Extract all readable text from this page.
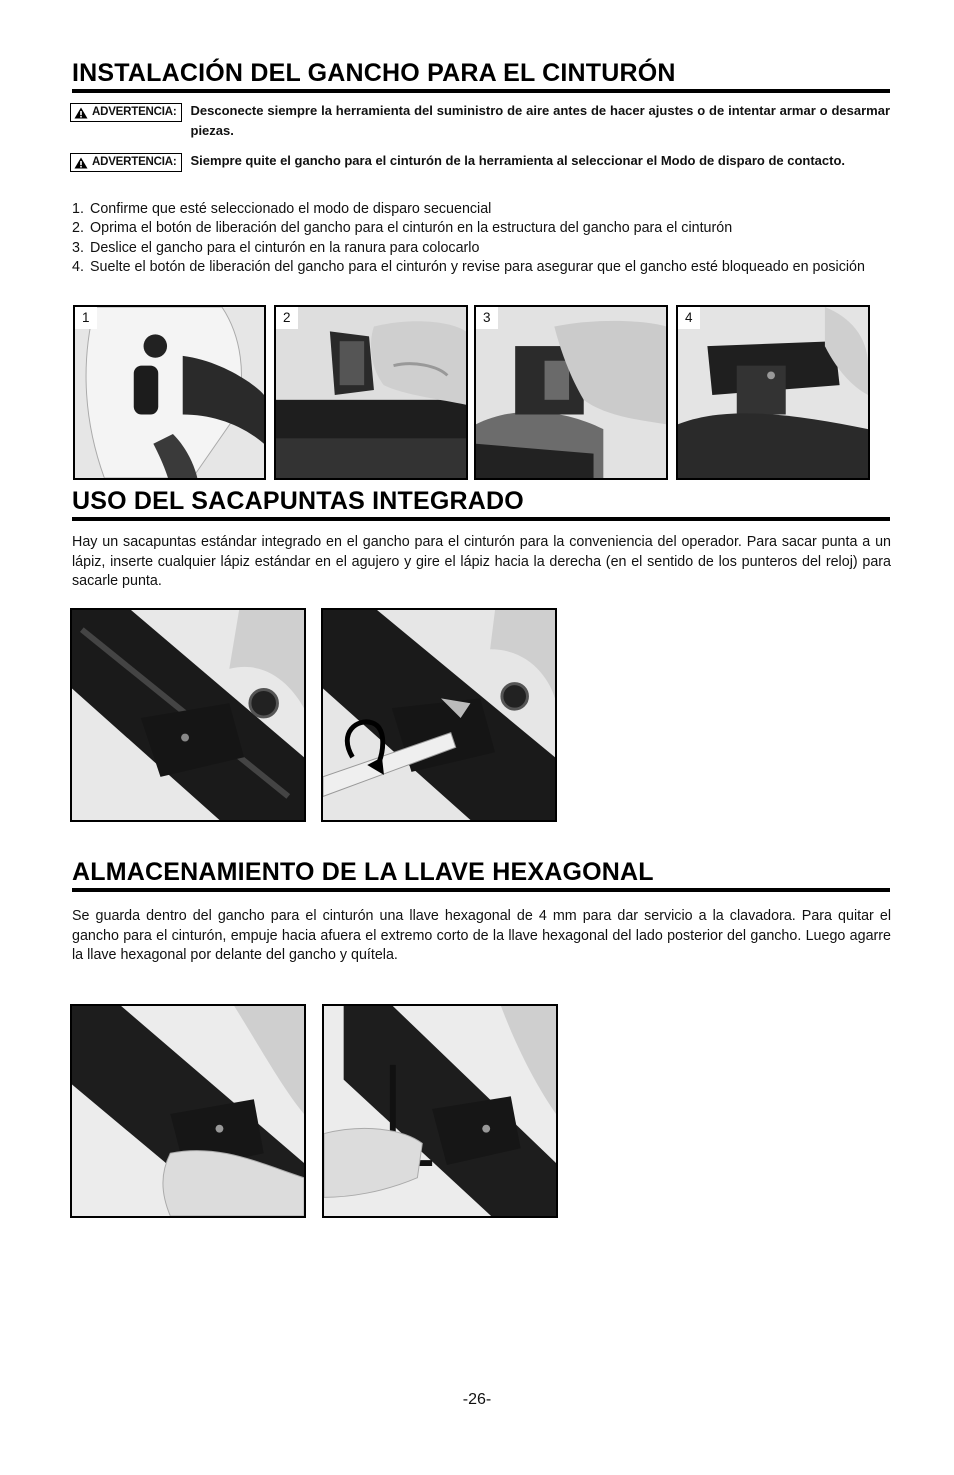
INSTALACIÓN DEL GANCHO PARA EL CINTURÓN
ADVERTENCIA: Desconecte siempre la herramienta del suministro de aire antes de hacer ajustes o de intentar armar o desarmar piezas.
ADVERTENCIA: Siempre quite el gancho para el cinturón de la herramienta al seleccionar el Modo de disparo de contacto.
1. Confirme que esté seleccionado el modo de disparo secuencial
2. Oprima el botón de liberación del gancho para el cinturón en la estructura del gancho para el cinturón
3. Deslice el gancho para el cinturón en la ranura para colocarlo
4. Suelte el botón de liberación del gancho para el cinturón y revise para asegurar que el gancho esté bloqueado en posición
1	2	3	4
USO DEL SACAPUNTAS INTEGRADO

Hay un sacapuntas estándar integrado en el gancho para el cinturón para la conveniencia del operador. Para sacar punta a un lápiz, inserte cualquier lápiz estándar en el agujero y gire el lápiz hacia la derecha (en el sentido de los punteros del reloj) para sacarle punta.

ALMACENAMIENTO DE LA LLAVE HEXAGONAL

Se guarda dentro del gancho para el cinturón una llave hexagonal de 4 mm para dar servicio a la clavadora. Para quitar el gancho para el cinturón, empuje hacia afuera el extremo corto de la llave hexagonal del lado posterior del gancho. Luego agarre la llave hexagonal por delante del gancho y quítela.

-26-
